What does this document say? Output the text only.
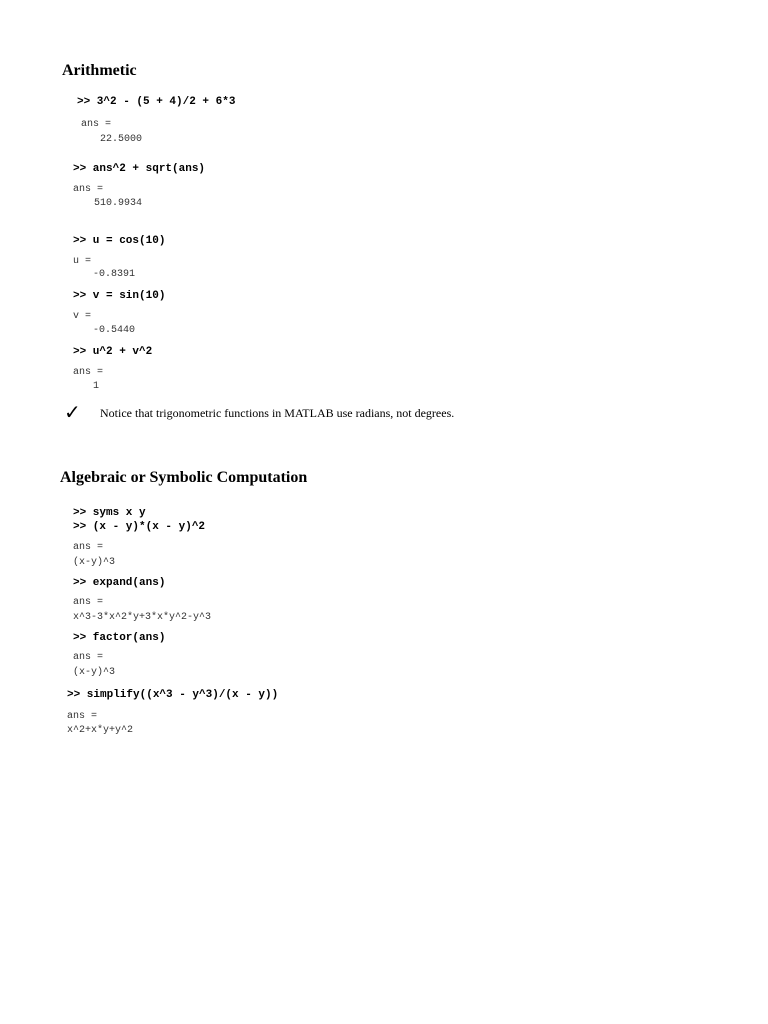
Arithmetic
>> 3^2 - (5 + 4)/2 + 6*3
ans =
22.5000
>> ans^2 + sqrt(ans)
ans =
510.9934
>> u = cos(10)
u =
-0.8391
>> v = sin(10)
v =
-0.5440
>> u^2 + v^2
ans =
1
✓ Notice that trigonometric functions in MATLAB use radians, not degrees.
Algebraic or Symbolic Computation
>> syms x y
>> (x - y)*(x - y)^2
ans =
(x-y)^3
>> expand(ans)
ans =
x^3-3*x^2*y+3*x*y^2-y^3
>> factor(ans)
ans =
(x-y)^3
>> simplify((x^3 - y^3)/(x - y))
ans =
x^2+x*y+y^2
